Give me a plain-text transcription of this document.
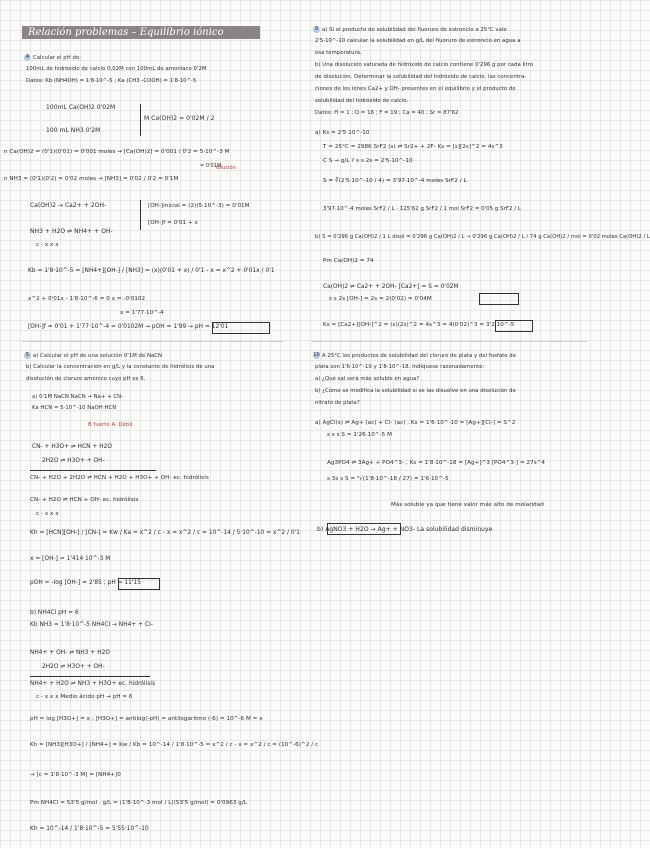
Relación problemas – Equilibrio iónico
4 Calcular el pH de:
100mL de hidróxido de calcio 0,02M con 100mL de amoníaco 0'2M
Datos: Kb (NH4OH) = 1'8·10^-5 ; Ka (CH3 -COOH) = 1'8·10^-5
100mL Ca(OH)2 0'02M
100 mL NH3 0'2M
M Ca(OH)2 = 0'02M / 2
= 0'01M
n Ca(OH)2 = (0'1)(0'01) = 0'001 moles → [Ca(OH)2] = 0'001 / 0'2 = 5·10^-3 M
dilución
n NH3 = (0'1)(0'2) = 0'02 moles → [NH3] = 0'02 / 0'2 = 0'1M
Ca(OH)2 → Ca2+ + 2OH-	[OH-]inicial = (2)(5·10^-3) = 0'01M
NH3 + H2O ⇌ NH4+ + OH-
[OH-]f = 0'01 + x
c - x x x
Kb = 1'8·10^-5 = [NH4+][OH-] / [NH3] = (x)(0'01 + x) / 0'1 - x = x^2 + 0'01x / 0'1
x^2 + 0'01x - 1'8·10^-6 = 0 x = -0'0102
x = 1'77·10^-4
[OH-]f = 0'01 + 1'77·10^-4 = 0'0102M → pOH = 1'99 → pH = 12'01
5 a) Calcular el pH de una solución 0'1M de NaCN
b) Calcular la concentración en g/L y la constante de hidrólisis de una
disolución de cloruro amónico cuyo pH es 6.
a) 0'1M NaCN NaCN → Na+ + CN-
Ka HCN = 5·10^-10 NaOH HCN
B fuerte A. Débil
CN- + H3O+ ⇌ HCN + H2O
2H2O ⇌ H3O+ + OH-
CN- + H2O + 2H2O ⇌ HCN + H2O + H3O+ + OH- ec. hidrólisis
CN- + H2O ⇌ HCN + OH- ec. hidrólisis
c - x x x
Kh = [HCN][OH-] / [CN-] = Kw / Ka = x^2 / c - x = x^2 / c = 10^-14 / 5·10^-10 = x^2 / 0'1
x = [OH-] = 1'414·10^-3 M
pOH = -log [OH-] = 2'85 ; pH = 11'15
b) NH4Cl pH = 6
Kb NH3 = 1'8·10^-5 NH4Cl → NH4+ + Cl-
NH4+ + OH- ⇌ NH3 + H2O
2H2O ⇌ H3O+ + OH-
NH4+ + H2O ⇌ NH3 + H3O+ ec. hidrólisis
c - x x x Medio ácido pH → pH = 6
pH = log [H3O+] = x ; [H3O+] = antilog(-pH) = antilogaritmo (-6) = 10^-6 M = x
Kh = [NH3][H3O+] / [NH4+] = Kw / Kb = 10^-14 / 1'8·10^-5 = x^2 / c - x ≈ x^2 / c = (10^-6)^2 / c
→ [c = 1'8·10^-3 M] = [NH4+]0
Pm NH4Cl = 53'5 g/mol · g/L = (1'8·10^-3 mol / L)(53'5 g/mol) = 0'0963 g/L
Kh = 10^-14 / 1'8·10^-5 = 5'55·10^-10
9 a) Si el producto de solubilidad del fluoruro de estroncio a 25°C vale
2'5·10^-10 calcular la solubilidad en g/L del fluoruro de estroncio en agua a
esa temperatura.
b) Una disolución saturada de hidróxido de calcio contiene 0'296 g por cada litro
de disolución. Determinar la solubilidad del hidróxido de calcio, las concentra-
ciones de los iones Ca2+ y OH- presentes en el equilibrio y el producto de
solubilidad del hidróxido de calcio.
Datos: H = 1 ; O = 16 ; F = 19 ; Ca = 40 ; Sr = 87'62
a) Ks = 2'5·10^-10
T = 25°C = 298K SrF2 (s) ⇌ Sr2+ + 2F- Ks = [s][2s]^2 = 4s^3
C S → g/L ? s s 2s = 2'5·10^-10
S = ∛(2'5·10^-10 / 4) = 3'97·10^-4 moles SrF2 / L
3'97·10^-4 moles SrF2 / L · 125'62 g SrF2 / 1 mol SrF2 = 0'05 g SrF2 / L
b) S = 0'296 g Ca(OH)2 / 1 L disol = 0'296 g Ca(OH)2 / L → 0'296 g Ca(OH)2 / L / 74 g Ca(OH)2 / mol = 0'02 moles Ca(OH)2 / L
Pm Ca(OH)2 = 74
Ca(OH)2 ⇌ Ca2+ + 2OH- [Ca2+] = S = 0'02M
s s 2s [OH-] = 2s = 2(0'02) = 0'04M
Ks = [Ca2+][OH-]^2 = (s)(2s)^2 = 4s^3 = 4(0'02)^3 = 3'2·10^-5
10 A 25°C los productos de solubilidad del cloruro de plata y del fosfato de
plata son 1'6·10^-10 y 1'8·10^-18. Indíquese razonadamente:
a) ¿Qué sal será más soluble en agua?
b) ¿Cómo se modifica la solubilidad si se las disuelve en una disolución de
nitrato de plata?
a) AgCl(s) ⇌ Ag+ (ac) + Cl- (ac) , Ks = 1'6·10^-10 = [Ag+][Cl-] = S^2
s s s S = 1'26·10^-5 M
Ag3PO4 ⇌ 3Ag+ + PO4^3- , Ks = 1'8·10^-18 = [Ag+]^3 [PO4^3-] = 27s^4
s 3s s S = ⁴√(1'8·10^-18 / 27) = 1'6·10^-5
Más soluble ya que tiene valor más alto de molaridad
b) AgNO3 + H2O → Ag+ + NO3- La solubilidad disminuye
